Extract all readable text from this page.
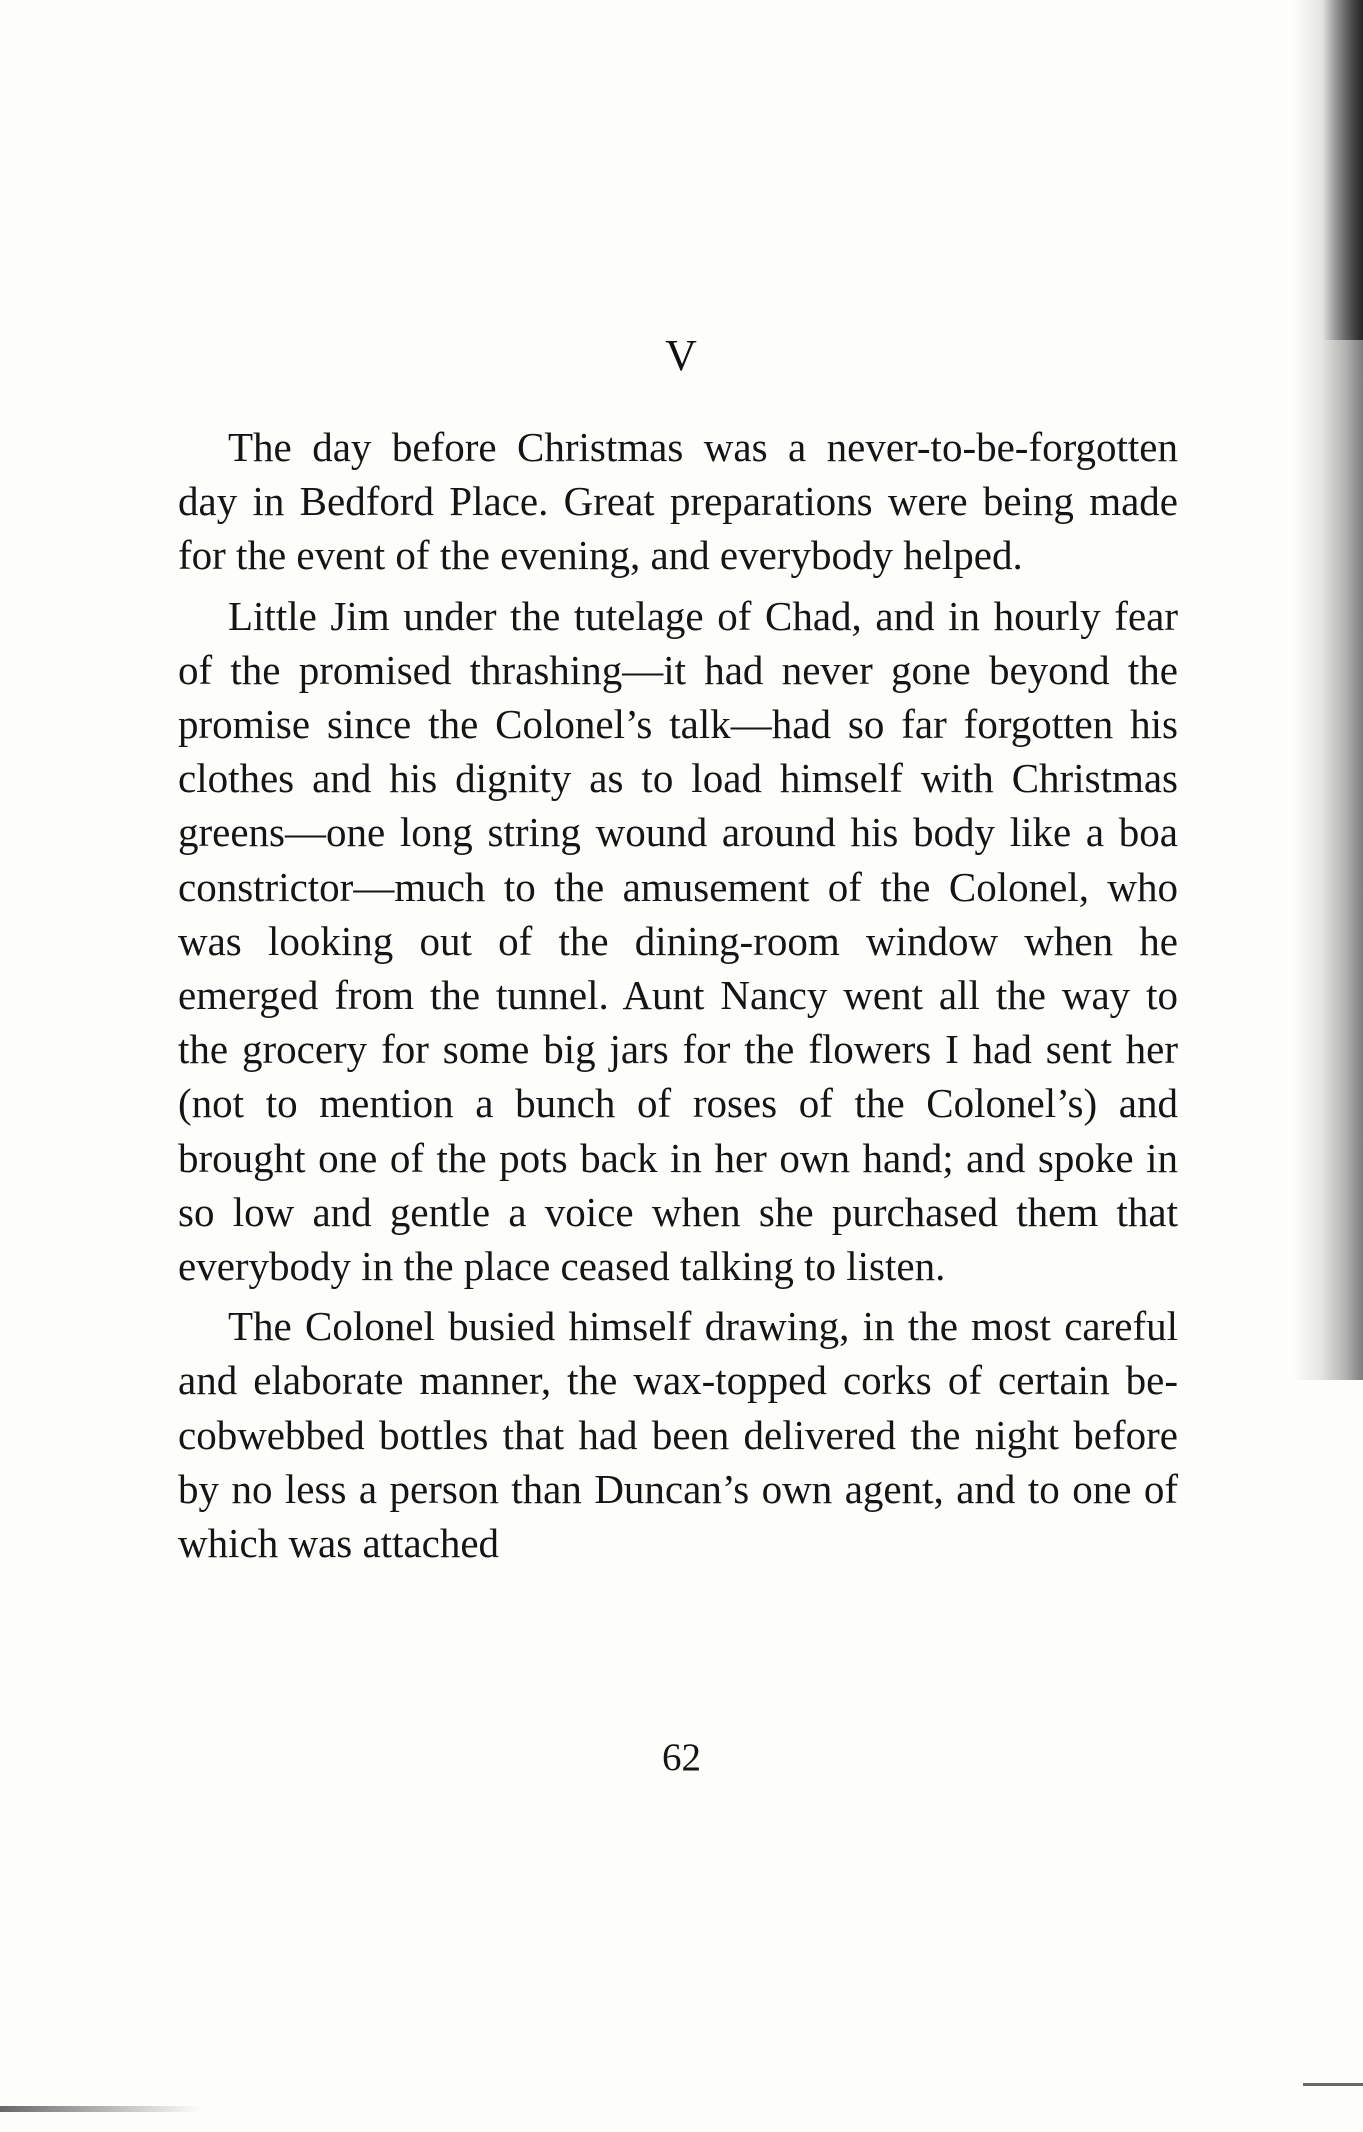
V

The day before Christmas was a never-to-be-forgotten day in Bedford Place. Great preparations were being made for the event of the evening, and everybody helped.

Little Jim under the tutelage of Chad, and in hourly fear of the promised thrashing—it had never gone beyond the promise since the Colonel’s talk—had so far forgotten his clothes and his dignity as to load himself with Christmas greens—one long string wound around his body like a boa constrictor—much to the amusement of the Colonel, who was looking out of the dining-room window when he emerged from the tunnel. Aunt Nancy went all the way to the grocery for some big jars for the flowers I had sent her (not to mention a bunch of roses of the Colonel’s) and brought one of the pots back in her own hand; and spoke in so low and gentle a voice when she purchased them that everybody in the place ceased talking to listen.

The Colonel busied himself drawing, in the most careful and elaborate manner, the wax-topped corks of certain be-cobwebbed bottles that had been delivered the night before by no less a person than Duncan’s own agent, and to one of which was attached

62
